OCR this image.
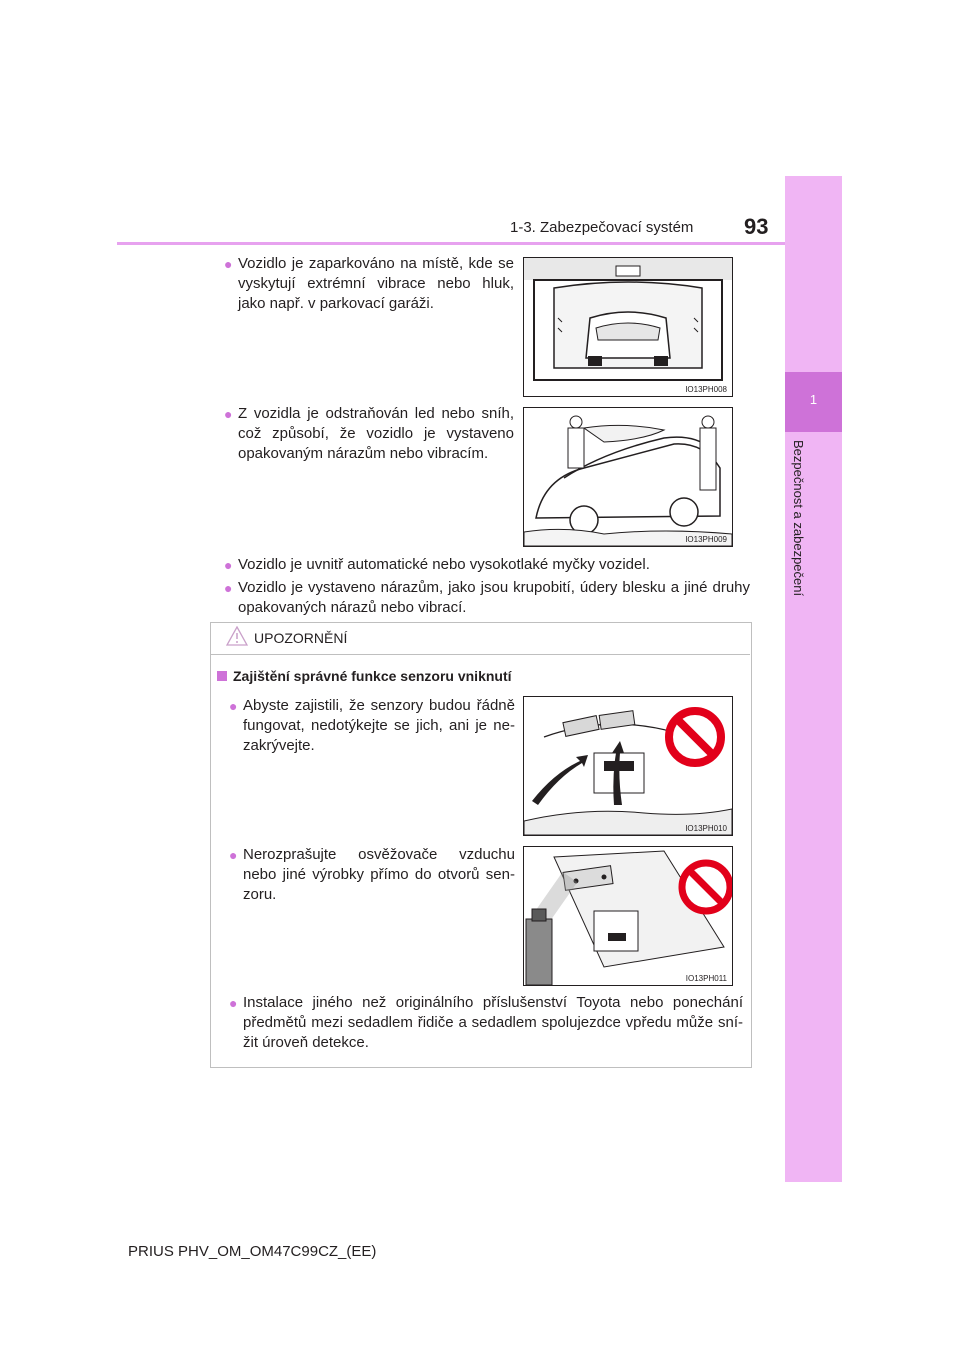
1-3. Zabezpečovací systém 93
1
Bezpečnost a zabezpečení
● Vozidlo je zaparkováno na místě, kde se vyskytují extrémní vibrace nebo hluk, jako např. v parkovací garáži.
IO13PH008
● Z vozidla je odstraňován led nebo sníh, což způsobí, že vozidlo je vystaveno opakovaným nárazům nebo vibracím.
IO13PH009
● Vozidlo je uvnitř automatické nebo vysokotlaké myčky vozidel.
● Vozidlo je vystaveno nárazům, jako jsou krupobití, údery blesku a jiné druhy opakovaných nárazů nebo vibrací.
UPOZORNĚNÍ
Zajištění správné funkce senzoru vniknutí
● Abyste zajistili, že senzory budou řádně fungovat, nedotýkejte se jich, ani je ne-zakrývejte.
IO13PH010
● Nerozprašujte osvěžovače vzduchu nebo jiné výrobky přímo do otvorů sen-zoru.
IO13PH011
● Instalace jiného než originálního příslušenství Toyota nebo ponechání předmětů mezi sedadlem řidiče a sedadlem spolujezdce vpředu může sní-žit úroveň detekce.
PRIUS PHV_OM_OM47C99CZ_(EE)
